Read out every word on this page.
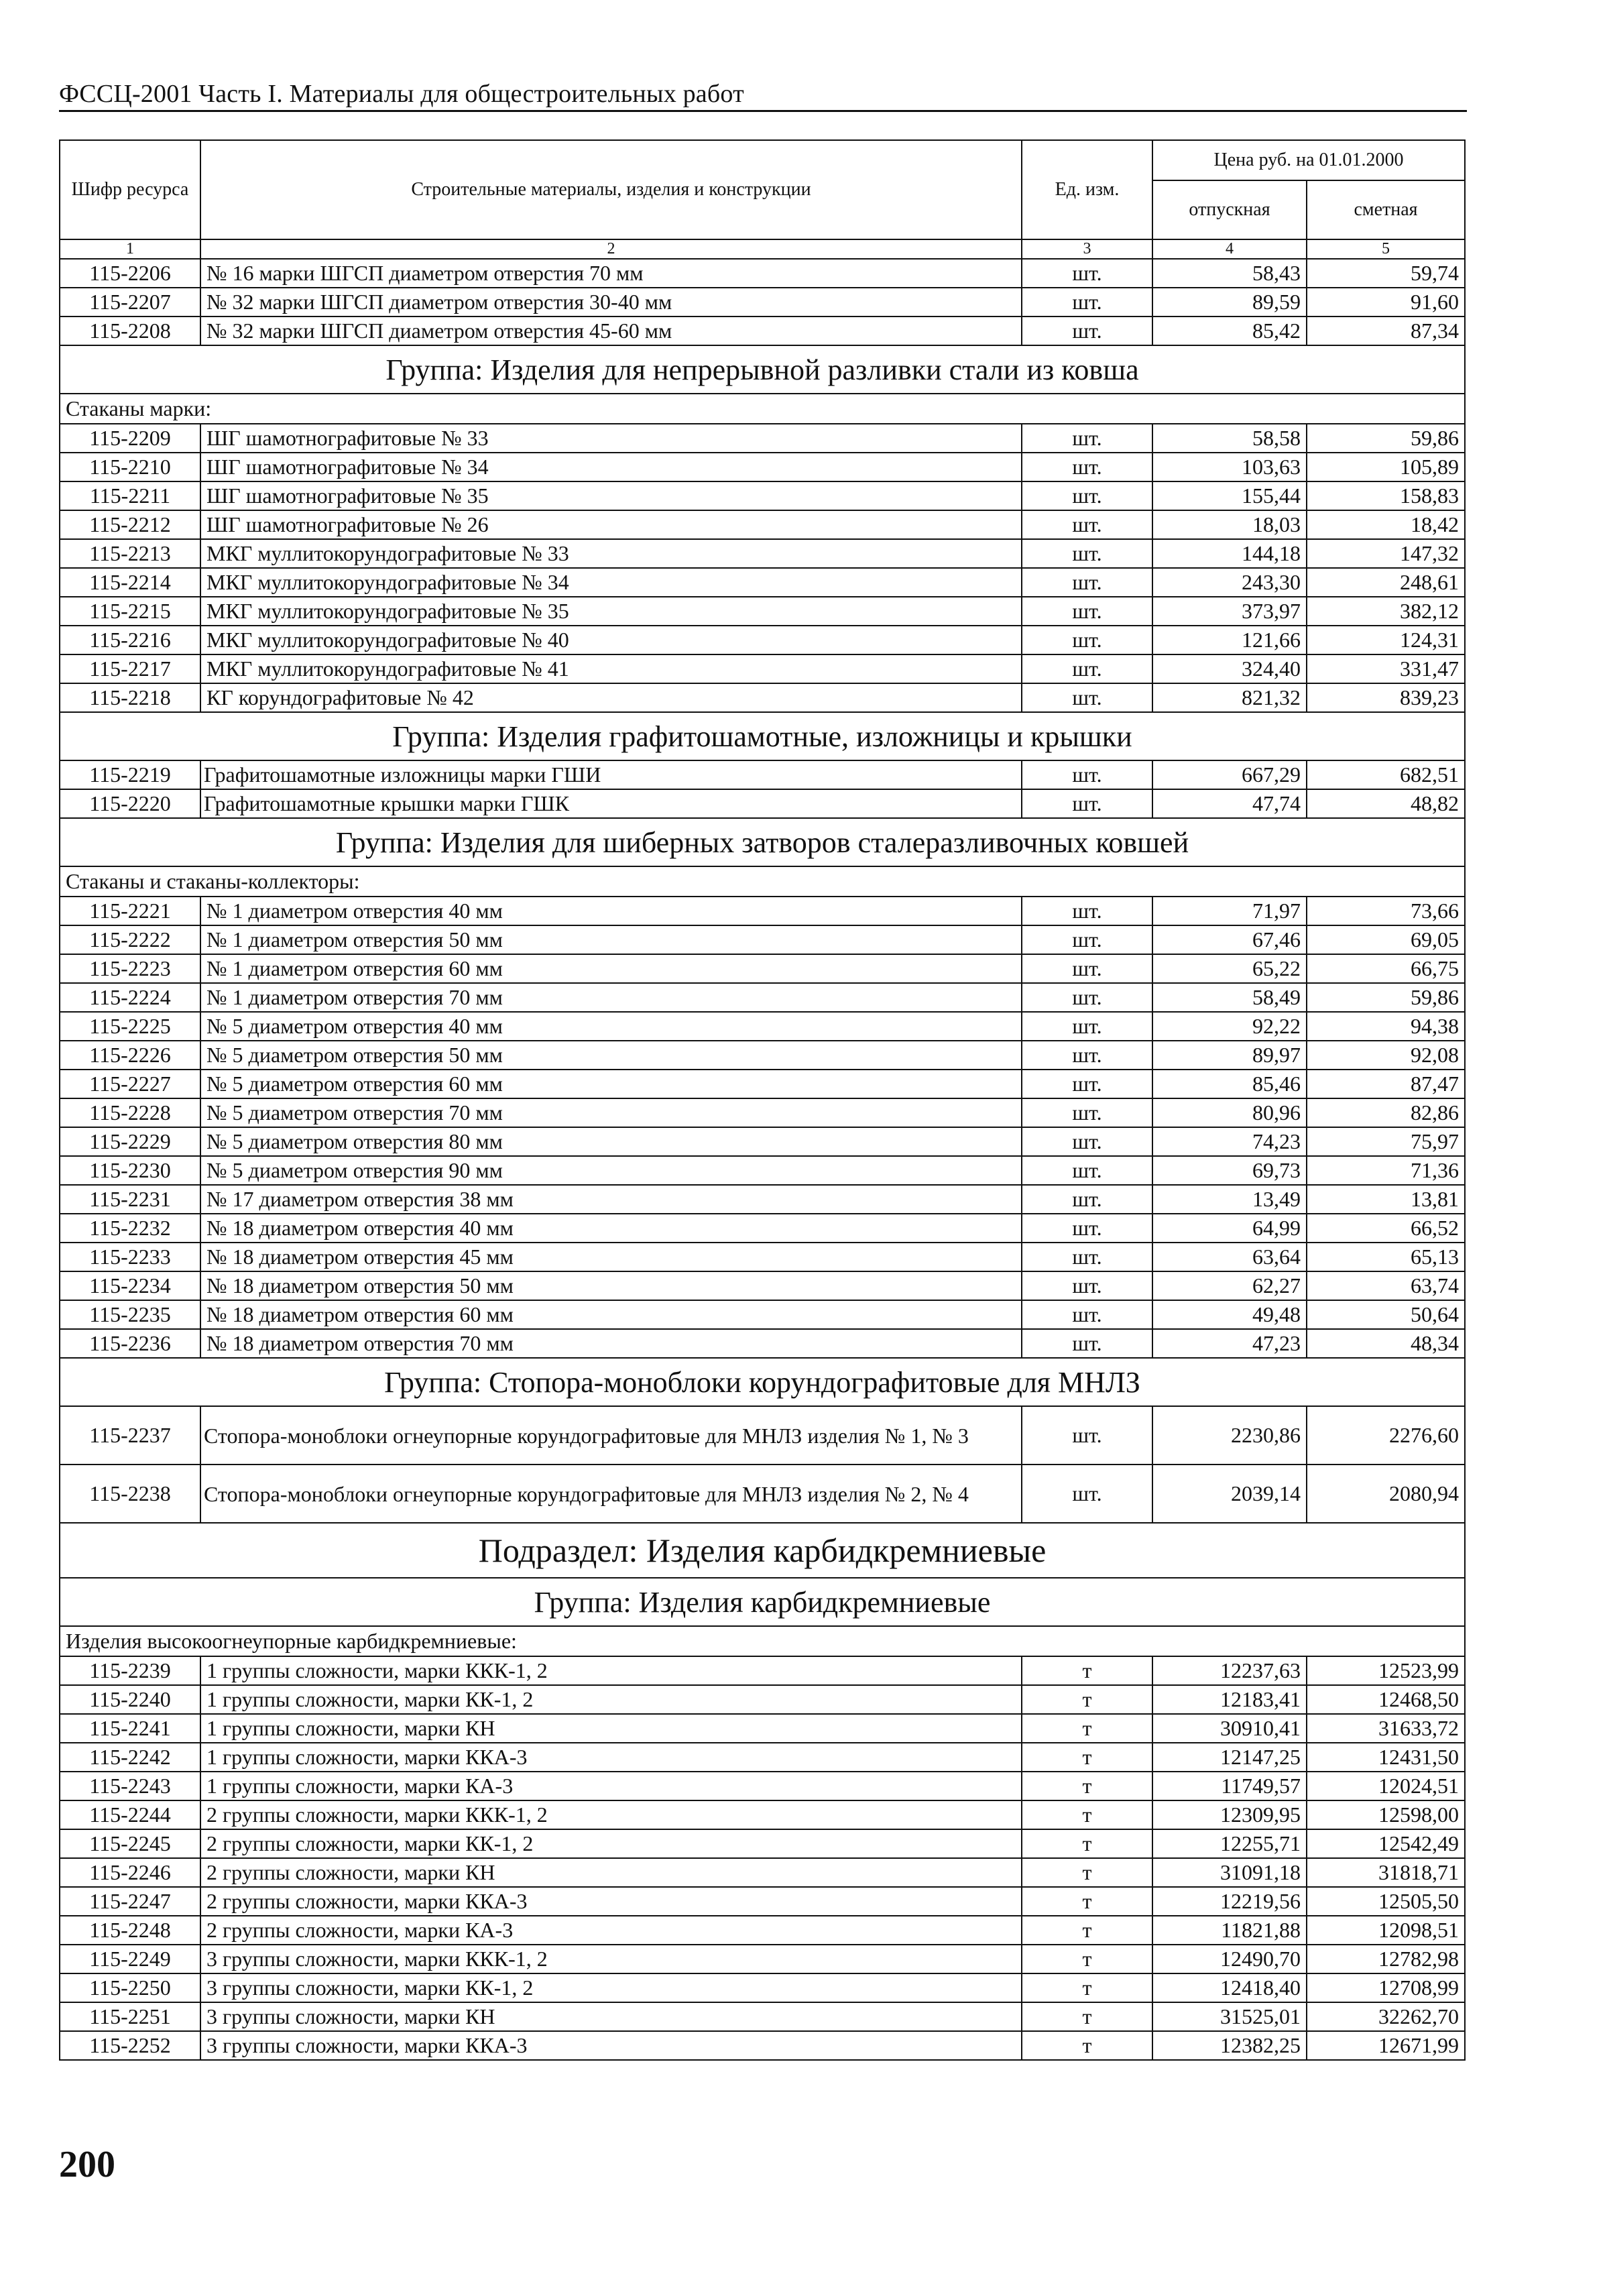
ФССЦ-2001 Часть I. Материалы для общестроительных работ
Шифр ресурса	Строительные материалы, изделия и конструкции	Ед. изм.	Цена руб. на 01.01.2000	
			отпускная	сметная
1	2	3	4	5
115-2206	№ 16 марки ШГСП диаметром отверстия 70 мм	шт.	58,43	59,74
115-2207	№ 32 марки ШГСП диаметром отверстия 30-40 мм	шт.	89,59	91,60
115-2208	№ 32 марки ШГСП диаметром отверстия 45-60 мм	шт.	85,42	87,34
Группа: Изделия для непрерывной разливки стали из ковша				
Стаканы марки:				
115-2209	ШГ шамотнографитовые № 33	шт.	58,58	59,86
115-2210	ШГ шамотнографитовые № 34	шт.	103,63	105,89
115-2211	ШГ шамотнографитовые № 35	шт.	155,44	158,83
115-2212	ШГ шамотнографитовые № 26	шт.	18,03	18,42
115-2213	МКГ муллитокорундографитовые № 33	шт.	144,18	147,32
115-2214	МКГ муллитокорундографитовые № 34	шт.	243,30	248,61
115-2215	МКГ муллитокорундографитовые № 35	шт.	373,97	382,12
115-2216	МКГ муллитокорундографитовые № 40	шт.	121,66	124,31
115-2217	МКГ муллитокорундографитовые № 41	шт.	324,40	331,47
115-2218	КГ корундографитовые № 42	шт.	821,32	839,23
Группа: Изделия графитошамотные, изложницы и крышки				
115-2219	Графитошамотные изложницы марки ГШИ	шт.	667,29	682,51
115-2220	Графитошамотные крышки марки ГШК	шт.	47,74	48,82
Группа: Изделия для шиберных затворов сталеразливочных ковшей				
Стаканы и стаканы-коллекторы:				
115-2221	№ 1 диаметром отверстия 40 мм	шт.	71,97	73,66
115-2222	№ 1 диаметром отверстия 50 мм	шт.	67,46	69,05
115-2223	№ 1 диаметром отверстия 60 мм	шт.	65,22	66,75
115-2224	№ 1 диаметром отверстия 70 мм	шт.	58,49	59,86
115-2225	№ 5 диаметром отверстия 40 мм	шт.	92,22	94,38
115-2226	№ 5 диаметром отверстия 50 мм	шт.	89,97	92,08
115-2227	№ 5 диаметром отверстия 60 мм	шт.	85,46	87,47
115-2228	№ 5 диаметром отверстия 70 мм	шт.	80,96	82,86
115-2229	№ 5 диаметром отверстия 80 мм	шт.	74,23	75,97
115-2230	№ 5 диаметром отверстия 90 мм	шт.	69,73	71,36
115-2231	№ 17 диаметром отверстия 38 мм	шт.	13,49	13,81
115-2232	№ 18 диаметром отверстия 40 мм	шт.	64,99	66,52
115-2233	№ 18 диаметром отверстия 45 мм	шт.	63,64	65,13
115-2234	№ 18 диаметром отверстия 50 мм	шт.	62,27	63,74
115-2235	№ 18 диаметром отверстия 60 мм	шт.	49,48	50,64
115-2236	№ 18 диаметром отверстия 70 мм	шт.	47,23	48,34
Группа: Стопора-моноблоки корундографитовые для МНЛЗ				
115-2237	Стопора-моноблоки огнеупорные корундографитовые для МНЛЗ изделия № 1, № 3	шт.	2230,86	2276,60
115-2238	Стопора-моноблоки огнеупорные корундографитовые для МНЛЗ изделия № 2, № 4	шт.	2039,14	2080,94
Подраздел: Изделия карбидкремниевые				
Группа: Изделия карбидкремниевые				
Изделия высокоогнеупорные карбидкремниевые:				
115-2239	1 группы сложности, марки ККК-1, 2	т	12237,63	12523,99
115-2240	1 группы сложности, марки КК-1, 2	т	12183,41	12468,50
115-2241	1 группы сложности, марки КН	т	30910,41	31633,72
115-2242	1 группы сложности, марки ККА-3	т	12147,25	12431,50
115-2243	1 группы сложности, марки КА-3	т	11749,57	12024,51
115-2244	2 группы сложности, марки ККК-1, 2	т	12309,95	12598,00
115-2245	2 группы сложности, марки КК-1, 2	т	12255,71	12542,49
115-2246	2 группы сложности, марки КН	т	31091,18	31818,71
115-2247	2 группы сложности, марки ККА-3	т	12219,56	12505,50
115-2248	2 группы сложности, марки КА-3	т	11821,88	12098,51
115-2249	3 группы сложности, марки ККК-1, 2	т	12490,70	12782,98
115-2250	3 группы сложности, марки КК-1, 2	т	12418,40	12708,99
115-2251	3 группы сложности, марки КН	т	31525,01	32262,70
115-2252	3 группы сложности, марки ККА-3	т	12382,25	12671,99
200
